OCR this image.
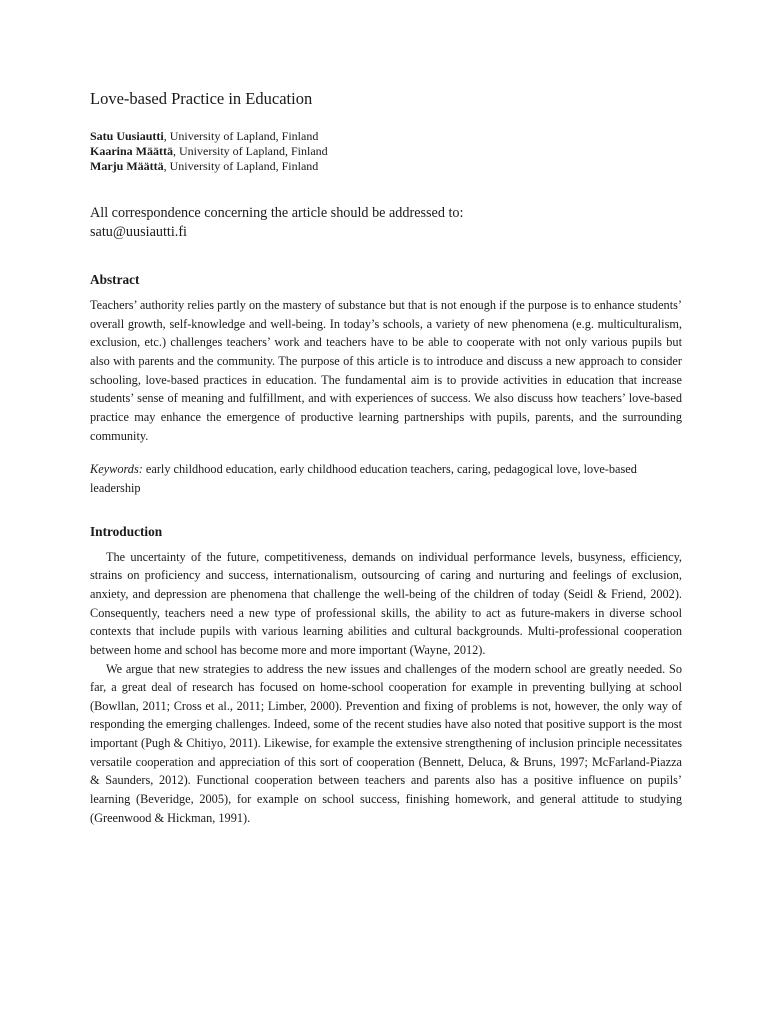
Love-based Practice in Education
Satu Uusiautti, University of Lapland, Finland
Kaarina Määttä, University of Lapland, Finland
Marju Määttä, University of Lapland, Finland
All correspondence concerning the article should be addressed to:
satu@uusiautti.fi
Abstract

Teachers’ authority relies partly on the mastery of substance but that is not enough if the purpose is to enhance students’ overall growth, self-knowledge and well-being. In today’s schools, a variety of new phenomena (e.g. multiculturalism, exclusion, etc.) challenges teachers’ work and teachers have to be able to cooperate with not only various pupils but also with parents and the community. The purpose of this article is to introduce and discuss a new approach to consider schooling, love-based practices in education. The fundamental aim is to provide activities in education that increase students’ sense of meaning and fulfillment, and with experiences of success. We also discuss how teachers’ love-based practice may enhance the emergence of productive learning partnerships with pupils, parents, and the surrounding community.

Keywords: early childhood education, early childhood education teachers, caring, pedagogical love, love-based leadership

Introduction

The uncertainty of the future, competitiveness, demands on individual performance levels, busyness, efficiency, strains on proficiency and success, internationalism, outsourcing of caring and nurturing and feelings of exclusion, anxiety, and depression are phenomena that challenge the well-being of the children of today (Seidl & Friend, 2002). Consequently, teachers need a new type of professional skills, the ability to act as future-makers in diverse school contexts that include pupils with various learning abilities and cultural backgrounds. Multi-professional cooperation between home and school has become more and more important (Wayne, 2012).

We argue that new strategies to address the new issues and challenges of the modern school are greatly needed. So far, a great deal of research has focused on home-school cooperation for example in preventing bullying at school (Bowllan, 2011; Cross et al., 2011; Limber, 2000). Prevention and fixing of problems is not, however, the only way of responding the emerging challenges. Indeed, some of the recent studies have also noted that positive support is the most important (Pugh & Chitiyo, 2011). Likewise, for example the extensive strengthening of inclusion principle necessitates versatile cooperation and appreciation of this sort of cooperation (Bennett, Deluca, & Bruns, 1997; McFarland-Piazza & Saunders, 2012). Functional cooperation between teachers and parents also has a positive influence on pupils’ learning (Beveridge, 2005), for example on school success, finishing homework, and general attitude to studying (Greenwood & Hickman, 1991).
